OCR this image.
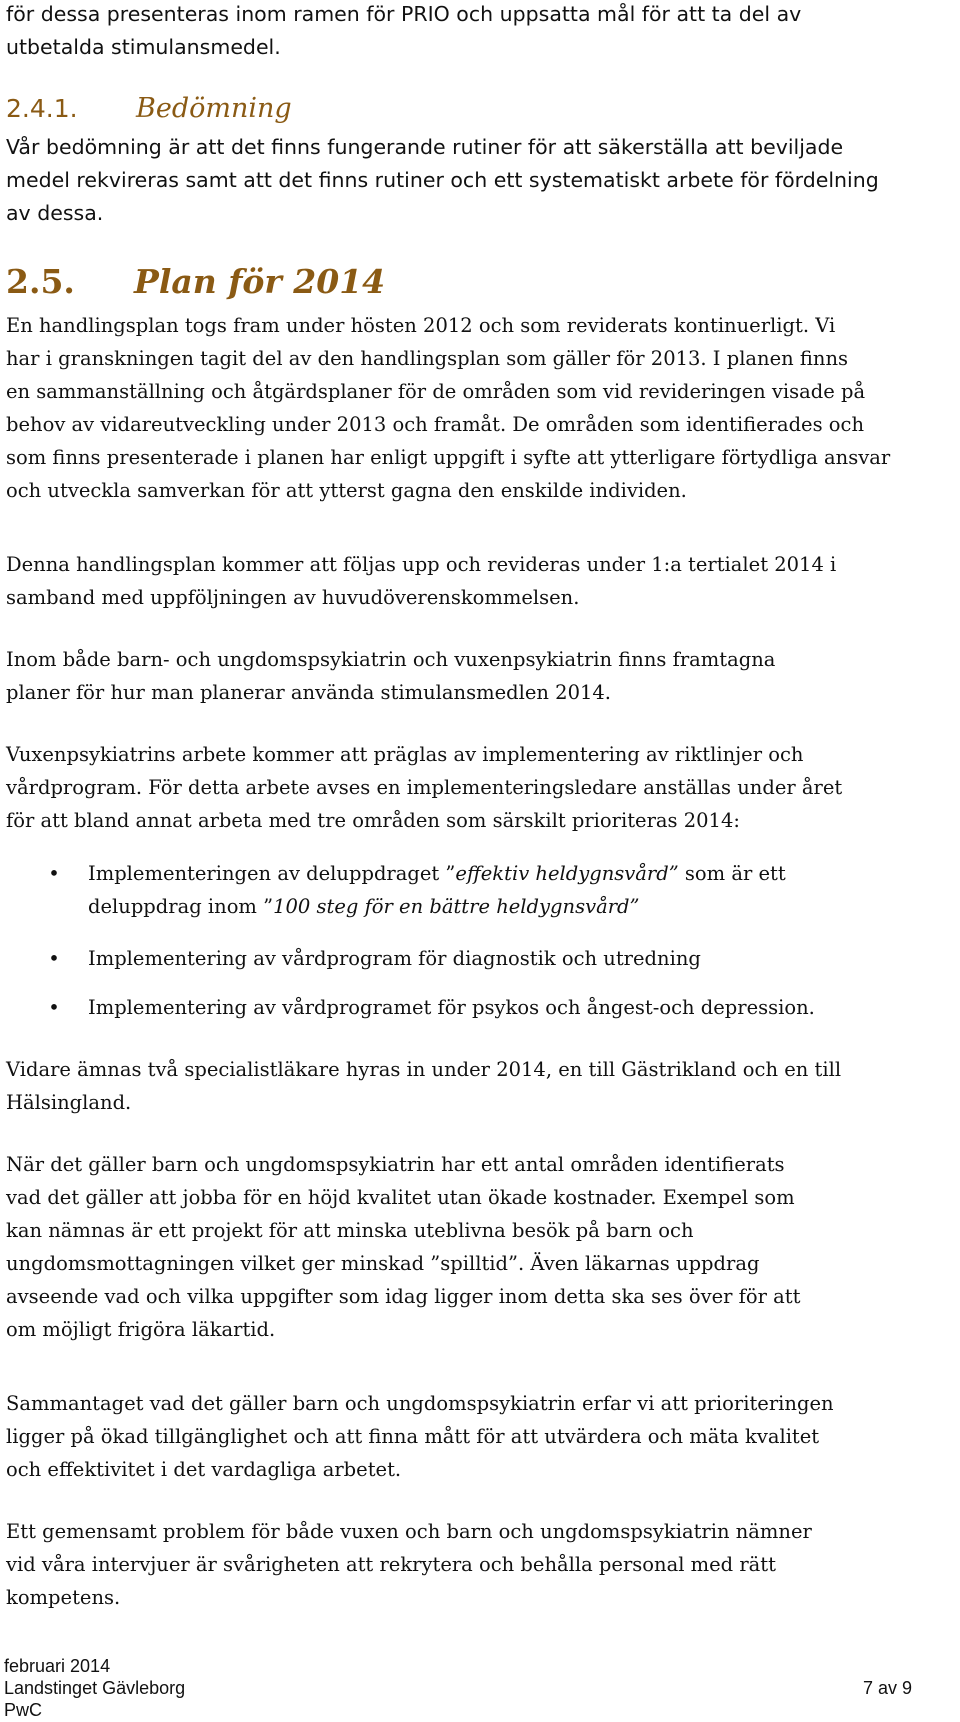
för dessa presenteras inom ramen för PRIO och uppsatta mål för att ta del av
utbetalda stimulansmedel.
2.4.1. Bedömning
Vår bedömning är att det finns fungerande rutiner för att säkerställa att beviljade
medel rekvireras samt att det finns rutiner och ett systematiskt arbete för fördelning
av dessa.
2.5. Plan för 2014
En handlingsplan togs fram under hösten 2012 och som reviderats kontinuerligt. Vi
har i granskningen tagit del av den handlingsplan som gäller för 2013. I planen finns
en sammanställning och åtgärdsplaner för de områden som vid revideringen visade på
behov av vidareutveckling under 2013 och framåt. De områden som identifierades och
som finns presenterade i planen har enligt uppgift i syfte att ytterligare förtydliga ansvar
och utveckla samverkan för att ytterst gagna den enskilde individen.
Denna handlingsplan kommer att följas upp och revideras under 1:a tertialet 2014 i
samband med uppföljningen av huvudöverenskommelsen.
Inom både barn- och ungdomspsykiatrin och vuxenpsykiatrin finns framtagna
planer för hur man planerar använda stimulansmedlen 2014.
Vuxenpsykiatrins arbete kommer att präglas av implementering av riktlinjer och
vårdprogram. För detta arbete avses en implementeringsledare anställas under året
för att bland annat arbeta med tre områden som särskilt prioriteras 2014:
• Implementeringen av deluppdraget ”effektiv heldygnsvård” som är ett
deluppdrag inom ”100 steg för en bättre heldygnsvård”
• Implementering av vårdprogram för diagnostik och utredning
• Implementering av vårdprogramet för psykos och ångest-och depression.
Vidare ämnas två specialistläkare hyras in under 2014, en till Gästrikland och en till
Hälsingland.
När det gäller barn och ungdomspsykiatrin har ett antal områden identifierats
vad det gäller att jobba för en höjd kvalitet utan ökade kostnader. Exempel som
kan nämnas är ett projekt för att minska uteblivna besök på barn och
ungdomsmottagningen vilket ger minskad ”spilltid”. Även läkarnas uppdrag
avseende vad och vilka uppgifter som idag ligger inom detta ska ses över för att
om möjligt frigöra läkartid.
Sammantaget vad det gäller barn och ungdomspsykiatrin erfar vi att prioriteringen
ligger på ökad tillgänglighet och att finna mått för att utvärdera och mäta kvalitet
och effektivitet i det vardagliga arbetet.
Ett gemensamt problem för både vuxen och barn och ungdomspsykiatrin nämner
vid våra intervjuer är svårigheten att rekrytera och behålla personal med rätt
kompetens.
februari 2014
Landstinget Gävleborg	7 av 9
PwC
